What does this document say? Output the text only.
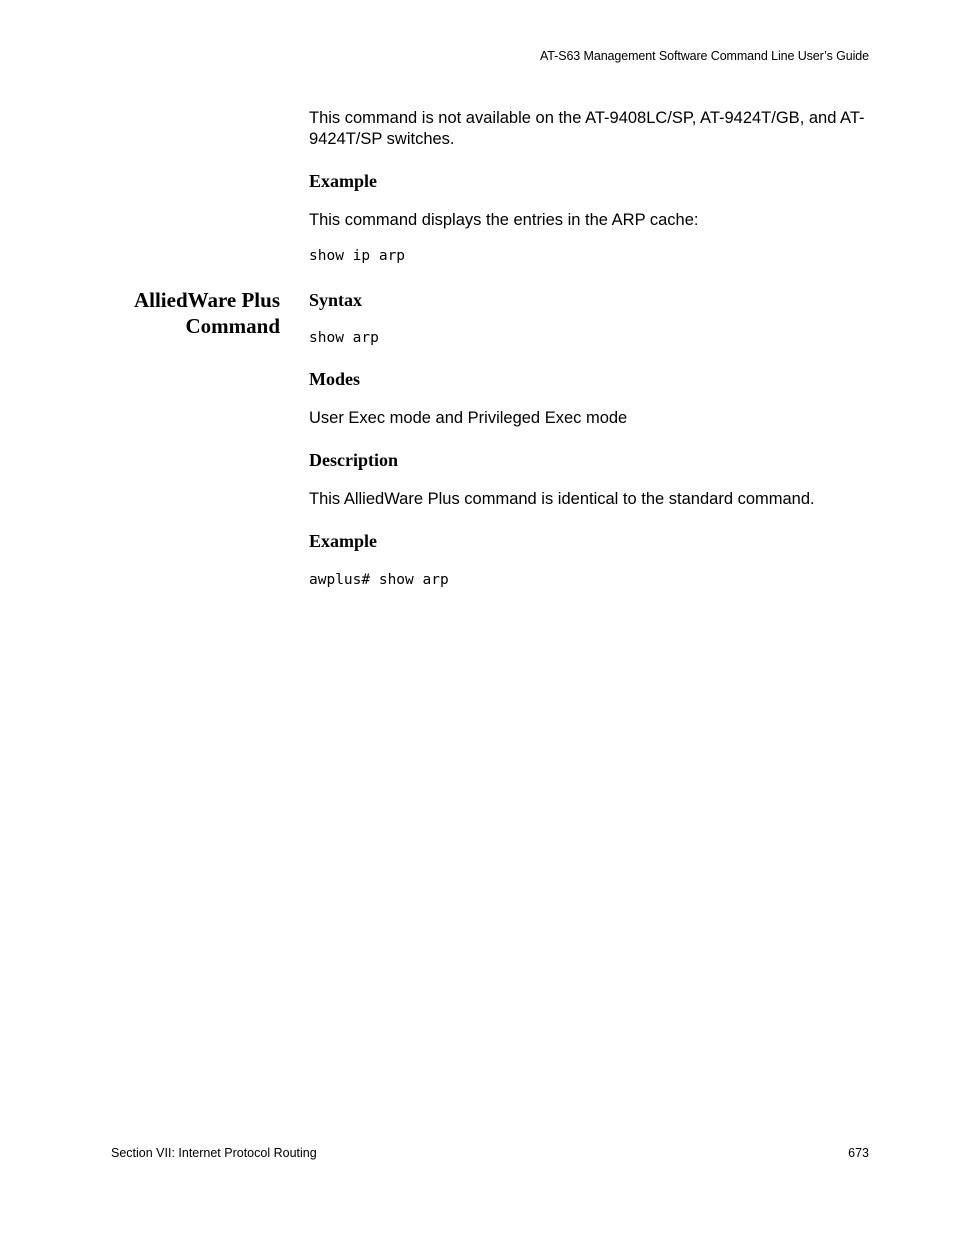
AT-S63 Management Software Command Line User’s Guide
This command is not available on the AT-9408LC/SP, AT-9424T/GB, and AT-9424T/SP switches.
Example
This command displays the entries in the ARP cache:
show ip arp
AlliedWare Plus
Command
Syntax
show arp
Modes
User Exec mode and Privileged Exec mode
Description
This AlliedWare Plus command is identical to the standard command.
Example
awplus# show arp
Section VII: Internet Protocol Routing	673
